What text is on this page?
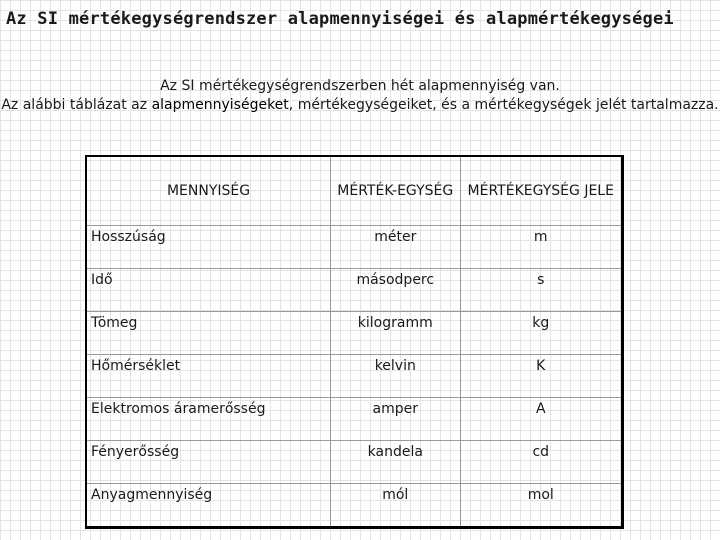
Az SI mértékegységrendszer alapmennyiségei és alapmértékegységei

Az SI mértékegységrendszerben hét alapmennyiség van.

Az alábbi táblázat az alapmennyiségeket, mértékegységeiket, és a mértékegységek jelét tartalmazza.

MENNYISÉG	MÉRTÉK-EGYSÉG	MÉRTÉKEGYSÉG JELE
Hosszúság	méter	m
Idő	másodperc	s
Tömeg	kilogramm	kg
Hőmérséklet	kelvin	K
Elektromos áramerősség	amper	A
Fényerősség	kandela	cd
Anyagmennyiség	mól	mol
